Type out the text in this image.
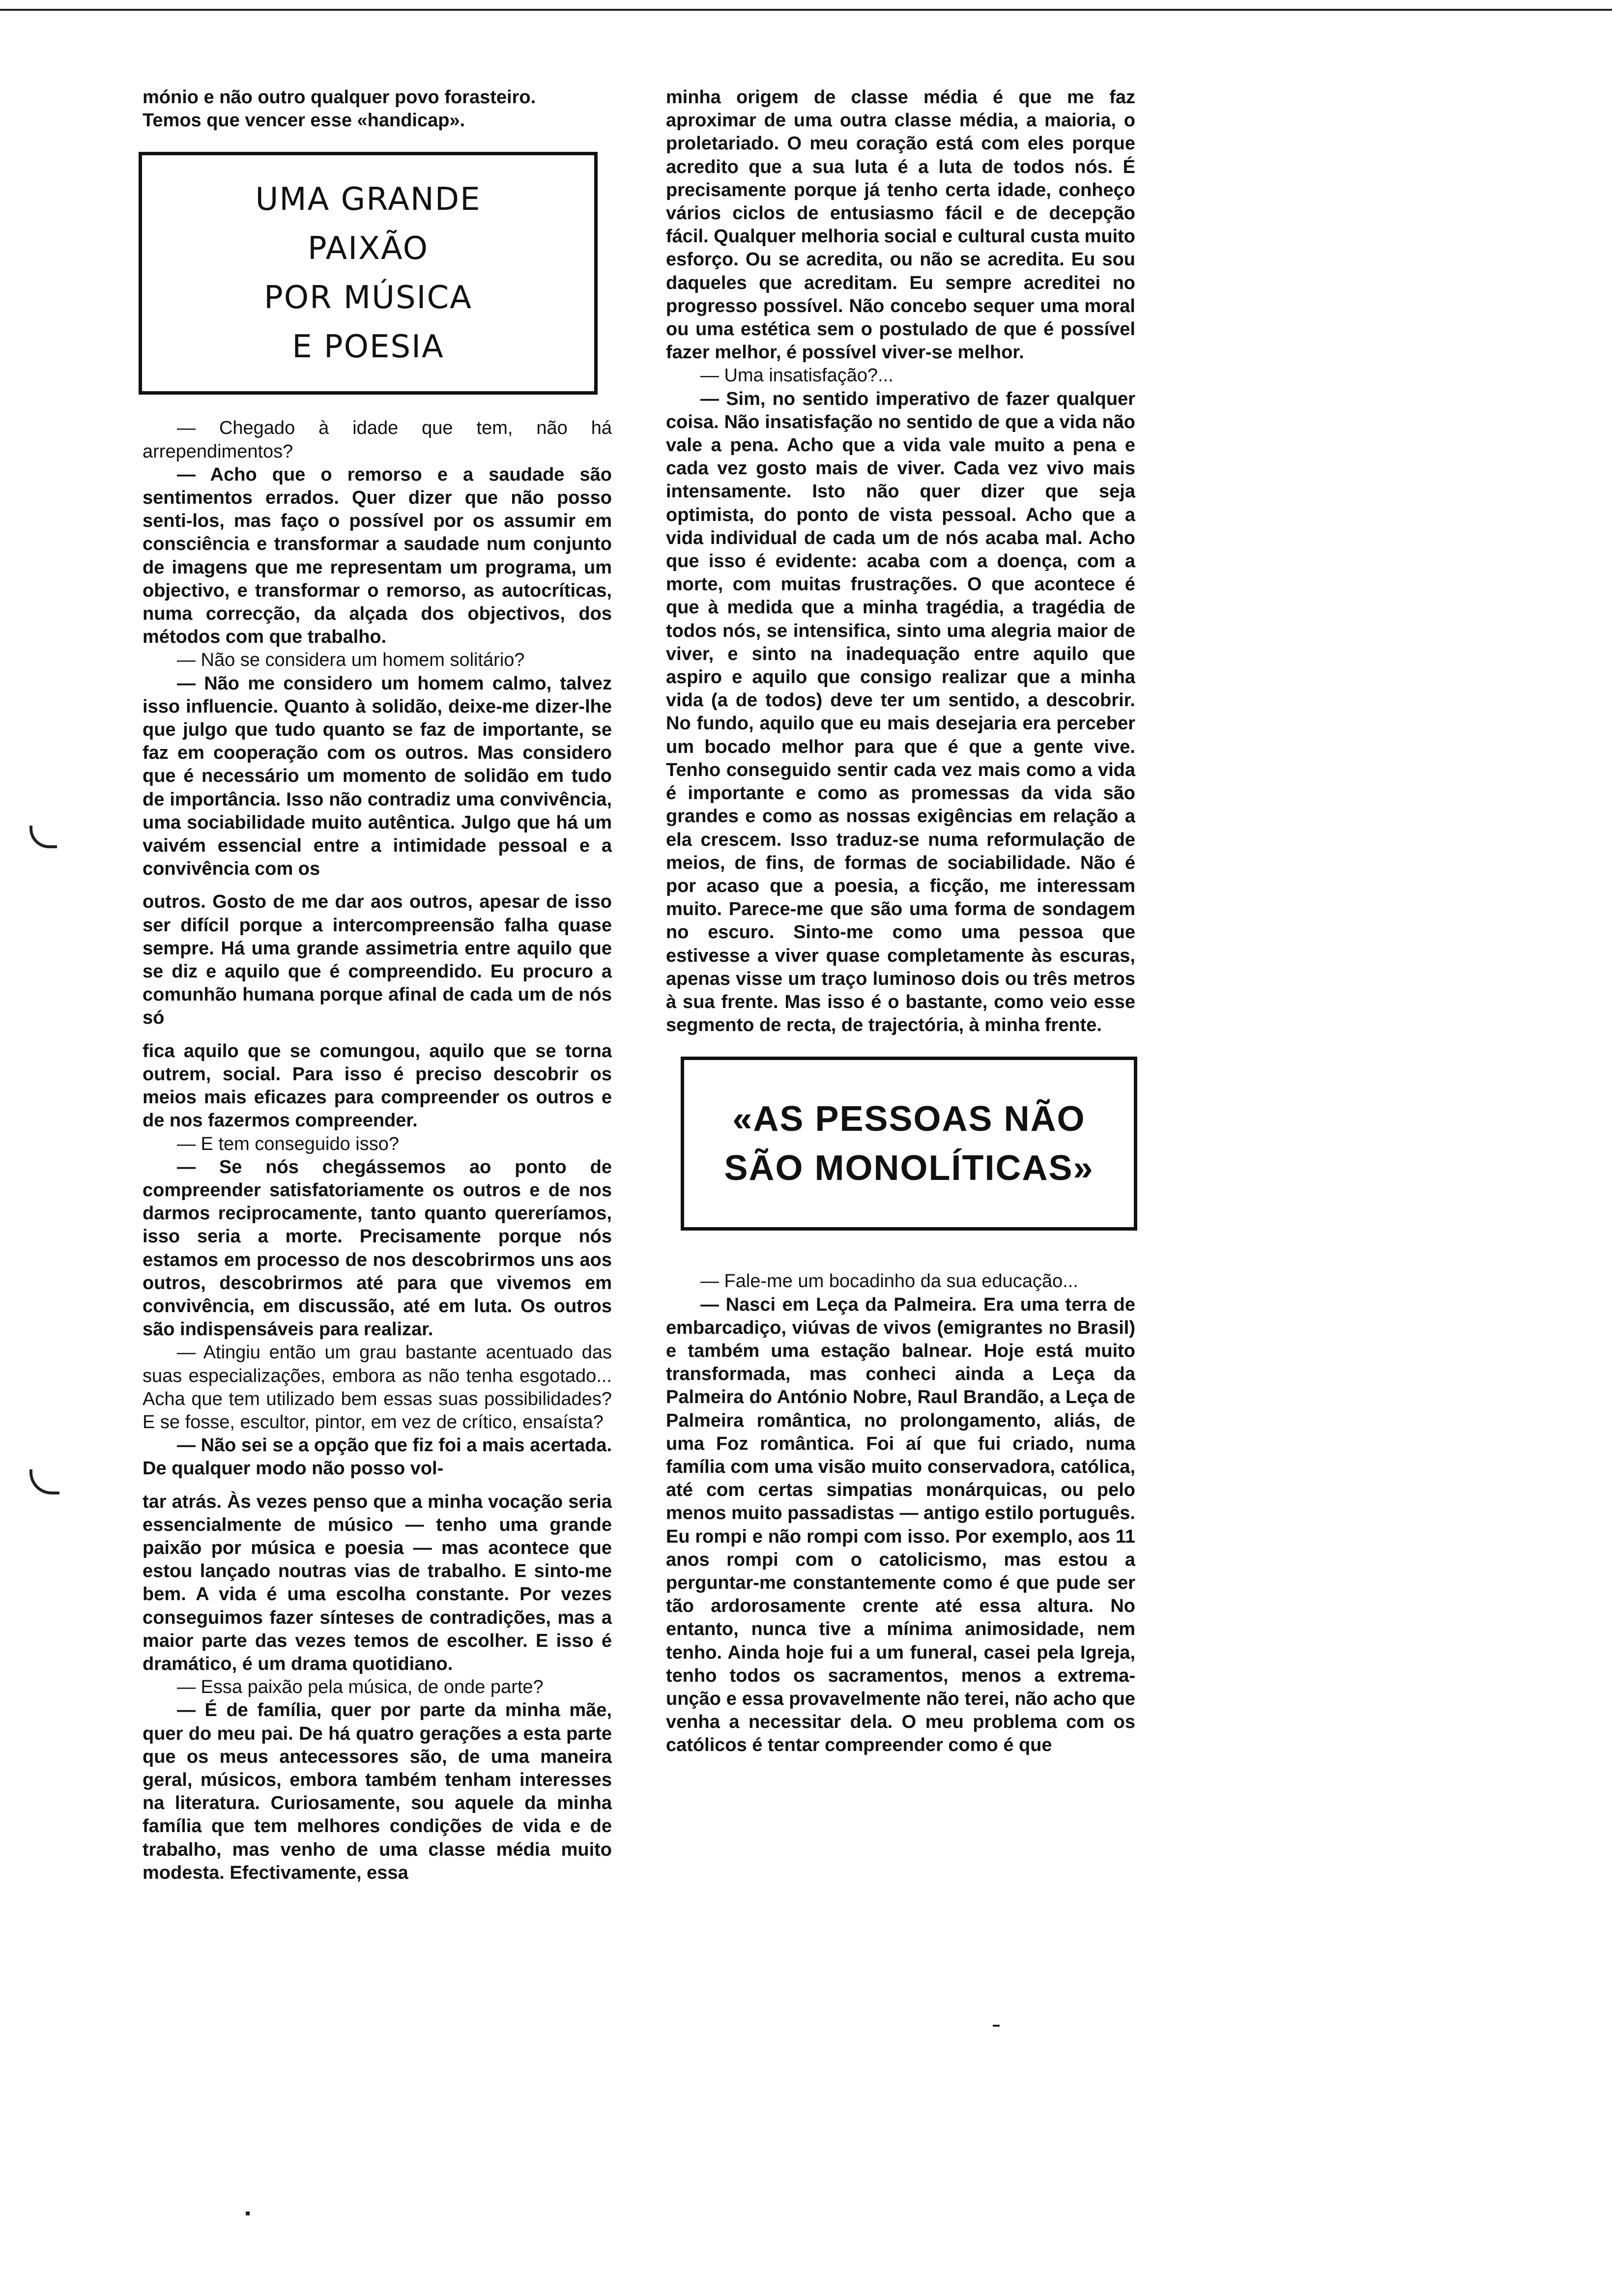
mónio e não outro qualquer povo forasteiro.

Temos que vencer esse «handicap».

UMA GRANDE
PAIXÃO
POR MÚSICA
E POESIA

— Chegado à idade que tem, não há arrependimentos?

— Acho que o remorso e a saudade são sentimentos errados. Quer dizer que não posso senti-los, mas faço o possível por os assumir em consciência e transformar a saudade num conjunto de imagens que me representam um programa, um objectivo, e transformar o remorso, as autocríticas, numa correcção, da alçada dos objectivos, dos métodos com que trabalho.

— Não se considera um homem solitário?

— Não me considero um homem calmo, talvez isso influencie. Quanto à solidão, deixe-me dizer-lhe que julgo que tudo quanto se faz de importante, se faz em cooperação com os outros. Mas considero que é necessário um momento de solidão em tudo de importância. Isso não contradiz uma convivência, uma sociabilidade muito autêntica. Julgo que há um vaivém essencial entre a intimidade pessoal e a convivência com os

outros. Gosto de me dar aos outros, apesar de isso ser difícil porque a intercompreensão falha quase sempre. Há uma grande assimetria entre aquilo que se diz e aquilo que é compreendido. Eu procuro a comunhão humana porque afinal de cada um de nós só

fica aquilo que se comungou, aquilo que se torna outrem, social. Para isso é preciso descobrir os meios mais eficazes para compreender os outros e de nos fazermos compreender.

— E tem conseguido isso?

— Se nós chegássemos ao ponto de compreender satisfatoriamente os outros e de nos darmos reciprocamente, tanto quanto quereríamos, isso seria a morte. Precisamente porque nós estamos em processo de nos descobrirmos uns aos outros, descobrirmos até para que vivemos em convivência, em discussão, até em luta. Os outros são indispensáveis para realizar.

— Atingiu então um grau bastante acentuado das suas especializações, embora as não tenha esgotado... Acha que tem utilizado bem essas suas possibilidades? E se fosse, escultor, pintor, em vez de crítico, ensaísta?

— Não sei se a opção que fiz foi a mais acertada. De qualquer modo não posso vol-

tar atrás. Às vezes penso que a minha vocação seria essencialmente de músico — tenho uma grande paixão por música e poesia — mas acontece que estou lançado noutras vias de trabalho. E sinto-me bem. A vida é uma escolha constante. Por vezes conseguimos fazer sínteses de contradições, mas a maior parte das vezes temos de escolher. E isso é dramático, é um drama quotidiano.

— Essa paixão pela música, de onde parte?

— É de família, quer por parte da minha mãe, quer do meu pai. De há quatro gerações a esta parte que os meus antecessores são, de uma maneira geral, músicos, embora também tenham interesses na literatura. Curiosamente, sou aquele da minha família que tem melhores condições de vida e de trabalho, mas venho de uma classe média muito modesta. Efectivamente, essa

minha origem de classe média é que me faz aproximar de uma outra classe média, a maioria, o proletariado. O meu coração está com eles porque acredito que a sua luta é a luta de todos nós. É precisamente porque já tenho certa idade, conheço vários ciclos de entusiasmo fácil e de decepção fácil. Qualquer melhoria social e cultural custa muito esforço. Ou se acredita, ou não se acredita. Eu sou daqueles que acreditam. Eu sempre acreditei no progresso possível. Não concebo sequer uma moral ou uma estética sem o postulado de que é possível fazer melhor, é possível viver-se melhor.

— Uma insatisfação?...

— Sim, no sentido imperativo de fazer qualquer coisa. Não insatisfação no sentido de que a vida não vale a pena. Acho que a vida vale muito a pena e cada vez gosto mais de viver. Cada vez vivo mais intensamente. Isto não quer dizer que seja optimista, do ponto de vista pessoal. Acho que a vida individual de cada um de nós acaba mal. Acho que isso é evidente: acaba com a doença, com a morte, com muitas frustrações. O que acontece é que à medida que a minha tragédia, a tragédia de todos nós, se intensifica, sinto uma alegria maior de viver, e sinto na inadequação entre aquilo que aspiro e aquilo que consigo realizar que a minha vida (a de todos) deve ter um sentido, a descobrir. No fundo, aquilo que eu mais desejaria era perceber um bocado melhor para que é que a gente vive. Tenho conseguido sentir cada vez mais como a vida é importante e como as promessas da vida são grandes e como as nossas exigências em relação a ela crescem. Isso traduz-se numa reformulação de meios, de fins, de formas de sociabilidade. Não é por acaso que a poesia, a ficção, me interessam muito. Parece-me que são uma forma de sondagem no escuro. Sinto-me como uma pessoa que estivesse a viver quase completamente às escuras, apenas visse um traço luminoso dois ou três metros à sua frente. Mas isso é o bastante, como veio esse segmento de recta, de trajectória, à minha frente.

«AS PESSOAS NÃO
SÃO MONOLÍTICAS»

— Fale-me um bocadinho da sua educação...

— Nasci em Leça da Palmeira. Era uma terra de embarcadiço, viúvas de vivos (emigrantes no Brasil) e também uma estação balnear. Hoje está muito transformada, mas conheci ainda a Leça da Palmeira do António Nobre, Raul Brandão, a Leça de Palmeira romântica, no prolongamento, aliás, de uma Foz romântica. Foi aí que fui criado, numa família com uma visão muito conservadora, católica, até com certas simpatias monárquicas, ou pelo menos muito passadistas — antigo estilo português. Eu rompi e não rompi com isso. Por exemplo, aos 11 anos rompi com o catolicismo, mas estou a perguntar-me constantemente como é que pude ser tão ardorosamente crente até essa altura. No entanto, nunca tive a mínima animosidade, nem tenho. Ainda hoje fui a um funeral, casei pela Igreja, tenho todos os sacramentos, menos a extrema-unção e essa provavelmente não terei, não acho que venha a necessitar dela. O meu problema com os católicos é tentar compreender como é que
